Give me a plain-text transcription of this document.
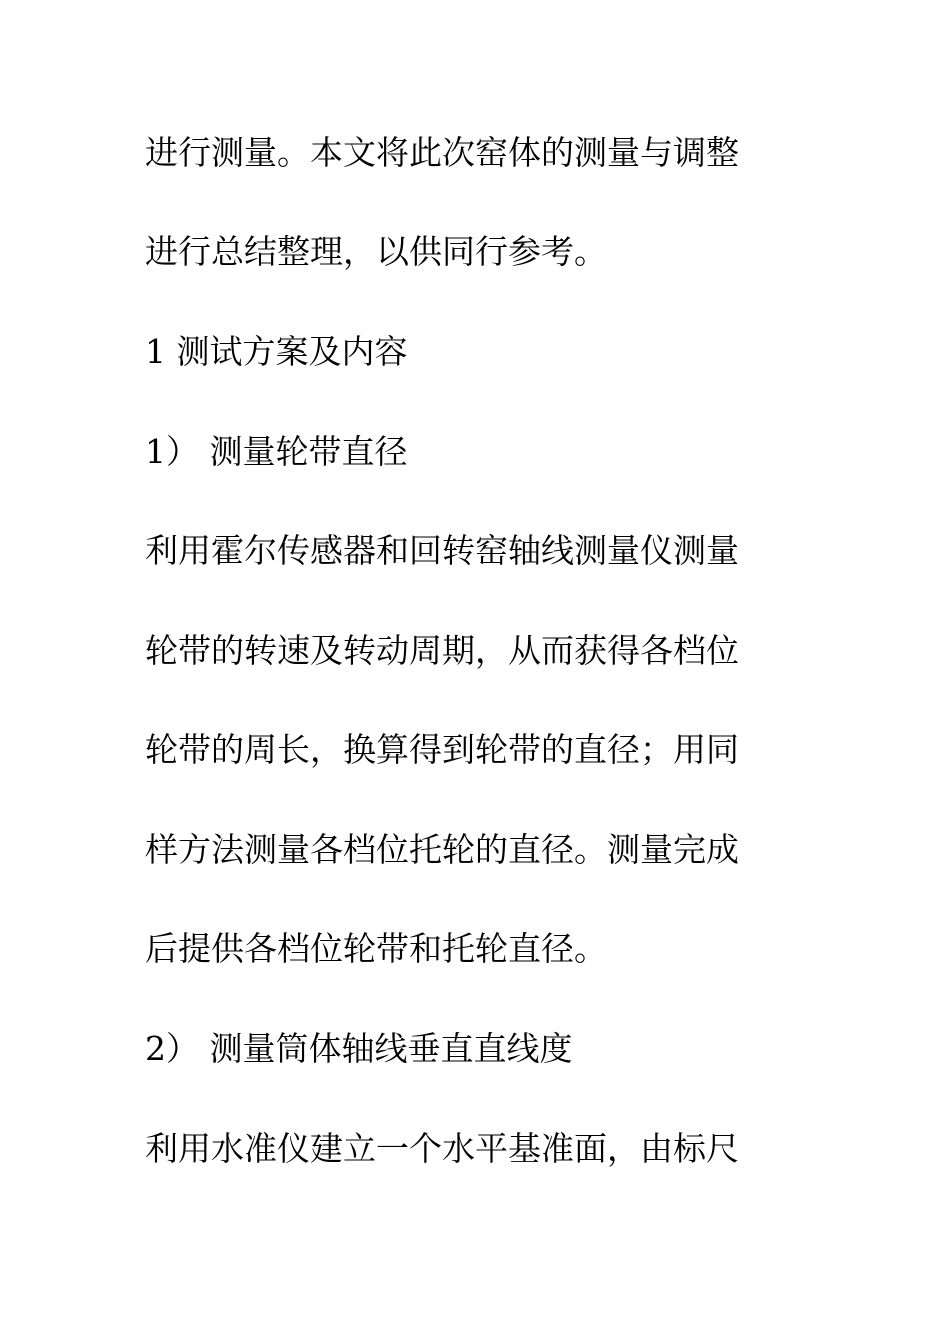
进行测量。本文将此次窑体的测量与调整
进行总结整理，以供同行参考。
1 测试方案及内容
1） 测量轮带直径
利用霍尔传感器和回转窑轴线测量仪测量
轮带的转速及转动周期，从而获得各档位
轮带的周长，换算得到轮带的直径；用同
样方法测量各档位托轮的直径。测量完成
后提供各档位轮带和托轮直径。
2） 测量筒体轴线垂直直线度
利用水准仪建立一个水平基准面，由标尺
